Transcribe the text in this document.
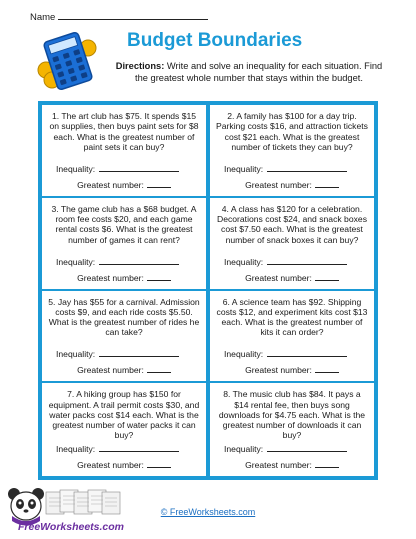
Name
Budget Boundaries
Directions: Write and solve an inequality for each situation. Find the greatest whole number that stays within the budget.
1. The art club has $75. It spends $15 on supplies, then buys paint sets for $8 each. What is the greatest number of paint sets it can buy?
Inequality:
Greatest number:
2. A family has $100 for a day trip. Parking costs $16, and attraction tickets cost $21 each. What is the greatest number of tickets they can buy?
Inequality:
Greatest number:
3. The game club has a $68 budget. A room fee costs $20, and each game rental costs $6. What is the greatest number of games it can rent?
Inequality:
Greatest number:
4. A class has $120 for a celebration. Decorations cost $24, and snack boxes cost $7.50 each. What is the greatest number of snack boxes it can buy?
Inequality:
Greatest number:
5. Jay has $55 for a carnival. Admission costs $9, and each ride costs $5.50. What is the greatest number of rides he can take?
Inequality:
Greatest number:
6. A science team has $92. Shipping costs $12, and experiment kits cost $13 each. What is the greatest number of kits it can order?
Inequality:
Greatest number:
7. A hiking group has $150 for equipment. A trail permit costs $30, and water packs cost $14 each. What is the greatest number of water packs it can buy?
Inequality:
Greatest number:
8. The music club has $84. It pays a $14 rental fee, then buys song downloads for $4.75 each. What is the greatest number of downloads it can buy?
Inequality:
Greatest number:
FreeWorksheets.com
© FreeWorksheets.com
